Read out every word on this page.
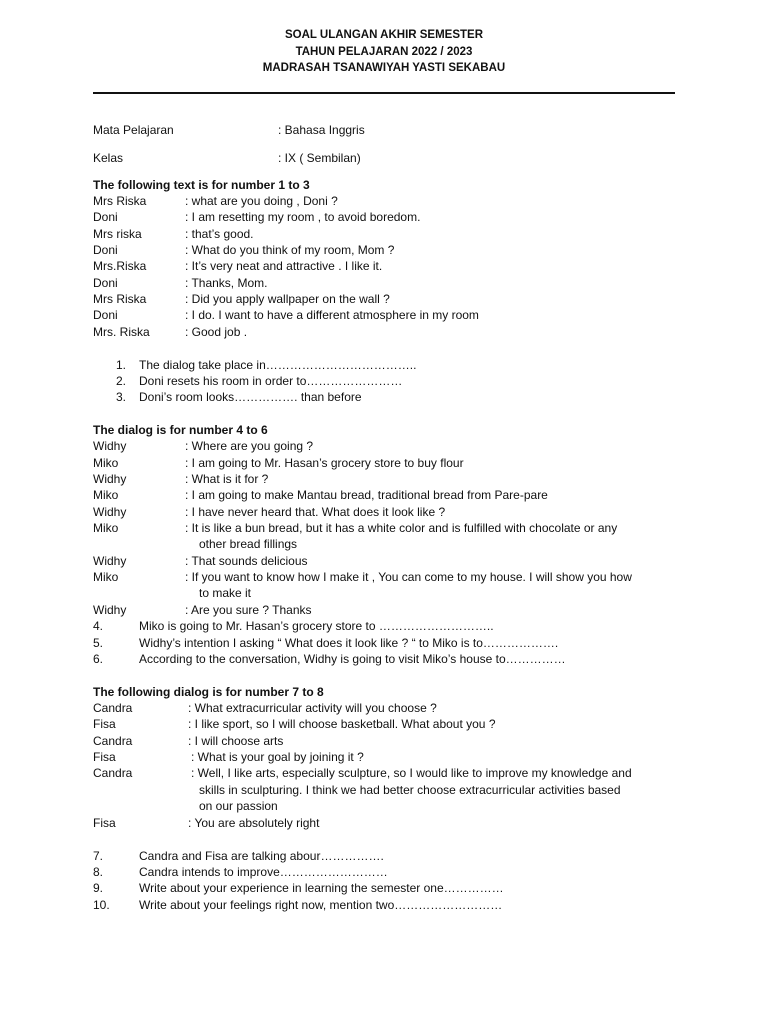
SOAL ULANGAN AKHIR SEMESTER
TAHUN PELAJARAN 2022 / 2023
MADRASAH TSANAWIYAH YASTI SEKABAU
Mata Pelajaran	: Bahasa Inggris
Kelas	: IX ( Sembilan)
The following text is for number 1 to 3
Mrs Riska	: what are you doing , Doni ?
Doni	: I am resetting my room , to avoid boredom.
Mrs riska	: that’s good.
Doni	: What do you think of my room, Mom ?
Mrs.Riska	: It’s very neat and attractive . I like it.
Doni	: Thanks, Mom.
Mrs Riska	: Did you apply wallpaper on the wall ?
Doni	: I do. I want to have a different atmosphere in my room
Mrs. Riska	: Good job .
1. The dialog take place in………………………………..
2. Doni resets his room in order to……………………
3. Doni’s room looks……………. than before
The dialog is for number 4 to 6
Widhy	: Where are you going ?
Miko	: I am going to Mr. Hasan’s grocery store to buy flour
Widhy	: What is it for ?
Miko	: I am going to make Mantau bread, traditional bread from Pare-pare
Widhy	: I have never heard that. What does it look like ?
Miko	: It is like a bun bread, but it has a white color and is fulfilled with chocolate or any
other bread fillings
Widhy	: That sounds delicious
Miko	: If you want to know how I make it , You can come to my house. I will show you how
to make it
Widhy	: Are you sure ? Thanks
4.	Miko is going to Mr. Hasan’s grocery store to ………………………..
5.	Widhy’s intention I asking “ What does it look like ? “ to Miko is to……………….
6.	According to the conversation, Widhy is going to visit Miko’s house to……………
The following dialog is for number 7 to 8
Candra	: What extracurricular activity will you choose ?
Fisa	: I like sport, so I will choose basketball. What about you ?
Candra	: I will choose arts
Fisa	: What is your goal by joining it ?
Candra	: Well, I like arts, especially sculpture, so I would like to improve my knowledge and
skills in sculpturing. I think we had better choose extracurricular activities based
on our passion
Fisa	: You are absolutely right
7.	Candra and Fisa are talking abour…………….
8.	Candra intends to improve………………………
9.	Write about your experience in learning the semester one……………
10. Write about your feelings right now, mention two………………………
